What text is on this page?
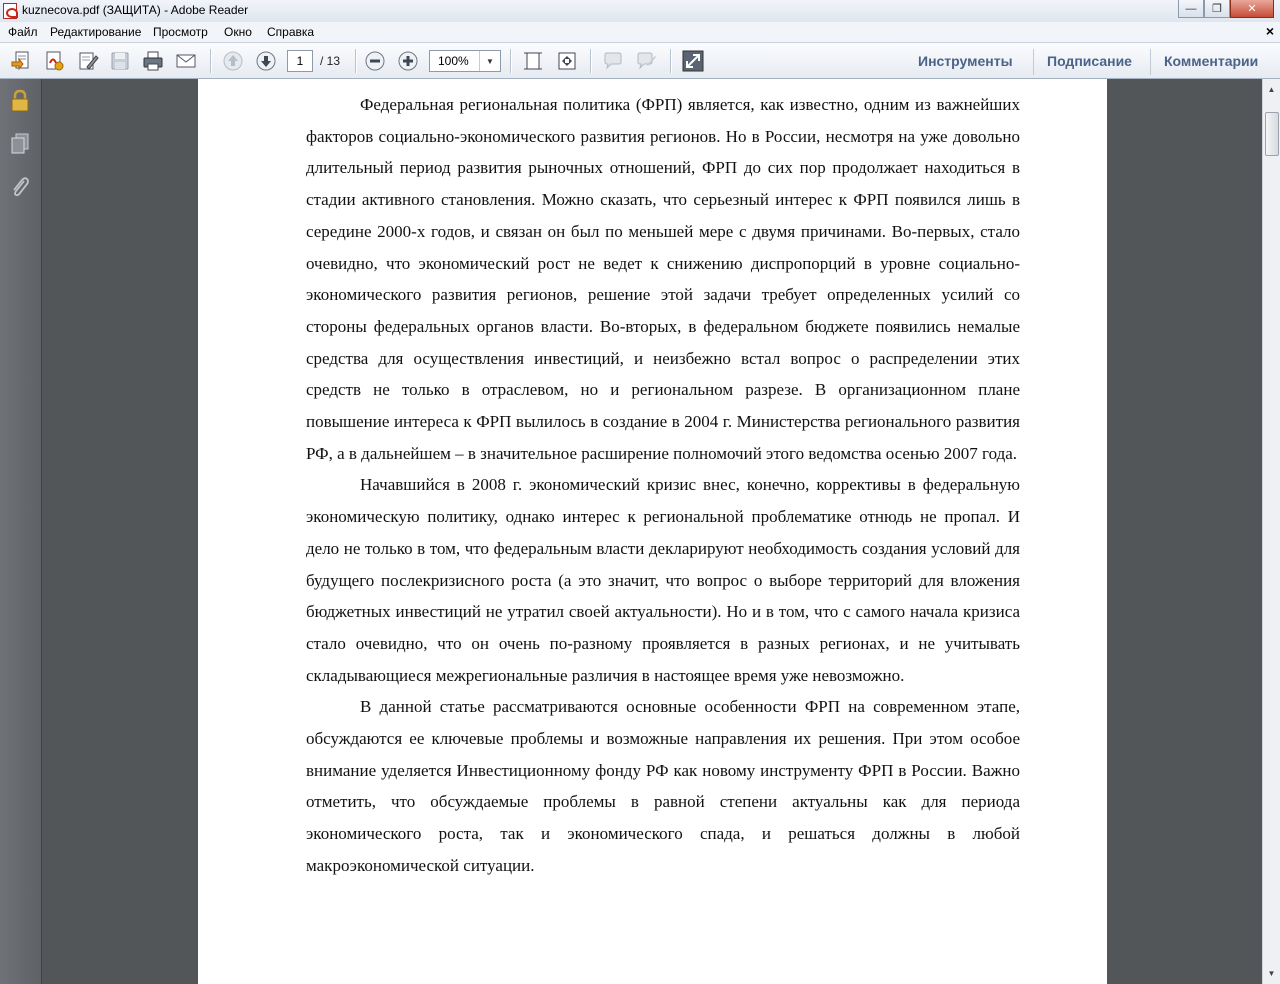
kuznecova.pdf (ЗАЩИТА) - Adobe Reader	— ❐ ✕
Файл Редактирование Просмотр Окно Справка	×
1	/ 13	100%	▼	Инструменты Подписание Комментарии

Федеральная региональная политика (ФРП) является, как известно, одним из важнейших факторов социально-экономического развития регионов. Но в России, несмотря на уже довольно длительный период развития рыночных отношений, ФРП до сих пор продолжает находиться в стадии активного становления. Можно сказать, что серьезный интерес к ФРП появился лишь в середине 2000-х годов, и связан он был по меньшей мере с двумя причинами. Во-первых, стало очевидно, что экономический рост не ведет к снижению диспропорций в уровне социально-экономического развития регионов, решение этой задачи требует определенных усилий со стороны федеральных органов власти. Во-вторых, в федеральном бюджете появились немалые средства для осуществления инвестиций, и неизбежно встал вопрос о распределении этих средств не только в отраслевом, но и региональном разрезе. В организационном плане повышение интереса к ФРП вылилось в создание в 2004 г. Министерства регионального развития РФ, а в дальнейшем – в значительное расширение полномочий этого ведомства осенью 2007 года.

Начавшийся в 2008 г. экономический кризис внес, конечно, коррективы в федеральную экономическую политику, однако интерес к региональной проблематике отнюдь не пропал. И дело не только в том, что федеральным власти декларируют необходимость создания условий для будущего послекризисного роста (а это значит, что вопрос о выборе территорий для вложения бюджетных инвестиций не утратил своей актуальности). Но и в том, что с самого начала кризиса стало очевидно, что он очень по-разному проявляется в разных регионах, и не учитывать складывающиеся межрегиональные различия в настоящее время уже невозможно.

В данной статье рассматриваются основные особенности ФРП на современном этапе, обсуждаются ее ключевые проблемы и возможные направления их решения. При этом особое внимание уделяется Инвестиционному фонду РФ как новому инструменту ФРП в России. Важно отметить, что обсуждаемые проблемы в равной степени актуальны как для периода экономического роста, так и экономического спада, и решаться должны в любой макроэкономической ситуации.

▲
▼
